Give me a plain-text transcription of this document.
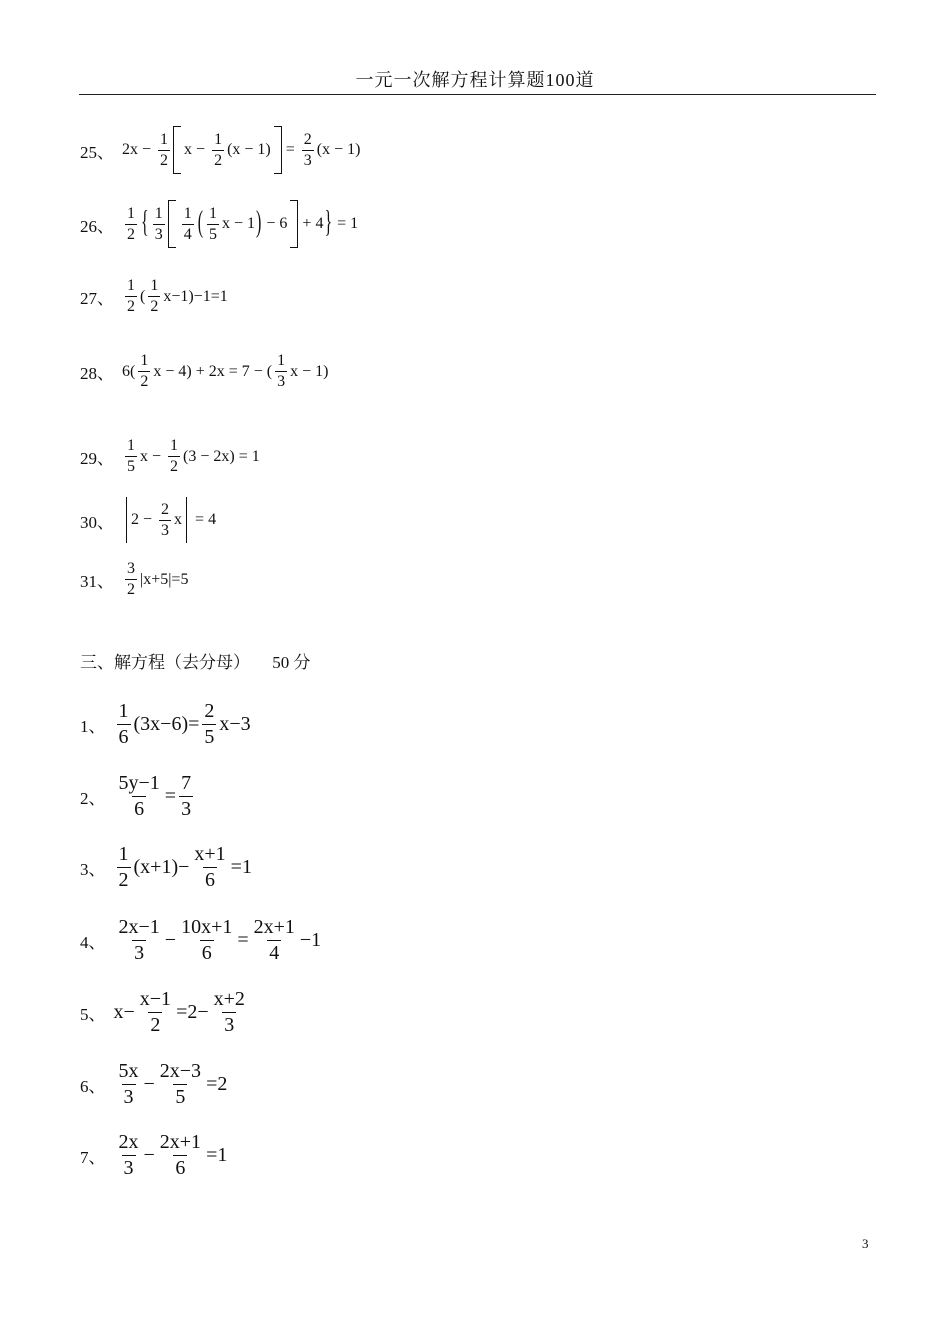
一元一次解方程计算题100道
25、 2 $x - \frac{1}{2}$ $x - \frac{1}{2}$ ( $x - 1) = \frac{2}{3}$ ( x − 1)
26、 $\frac{1}{2}$ { $\frac{1}{3} \frac{1}{4}$ ( $\frac{1}{5}$ x − 1 ) − 6 + 4 } = 1
27、 $\frac{1}{2}$ ( $\frac{1}{2}$ x −1)−1=1
28、 $6( \frac{1}{2}$ x − 4) + 2 x = 7 − ( $\frac{1}{3}$ x − 1)
29、 $\frac{1}{5}$ $x - \frac{1}{2} (3 - 2$ x ) = 1
30、 $2 - \frac{2}{3}$ x = 4
31、 $\frac{3}{2}$ | x +5|=5
三、解方程（去分母） 50 分
1、 $\frac{1}{6} (3$ $x -6)= \frac{2}{5}$ x −3
2、 $\frac{5y-1}{6} = \frac{7}{3}$
3、 $\frac{1}{2}$ ( $x +1)- \frac{x+1}{6} =1$
4、 $\frac{2x-1}{3} - \frac{10x+1}{6} = \frac{2x+1}{4} -1$
5、 $x - \frac{x-1}{2} =2- \frac{x+2}{3}$
6、 $\frac{5x}{3} - \frac{2x-3}{5} =2$
7、 $\frac{2x}{3} - \frac{2x+1}{6} =1$
3
